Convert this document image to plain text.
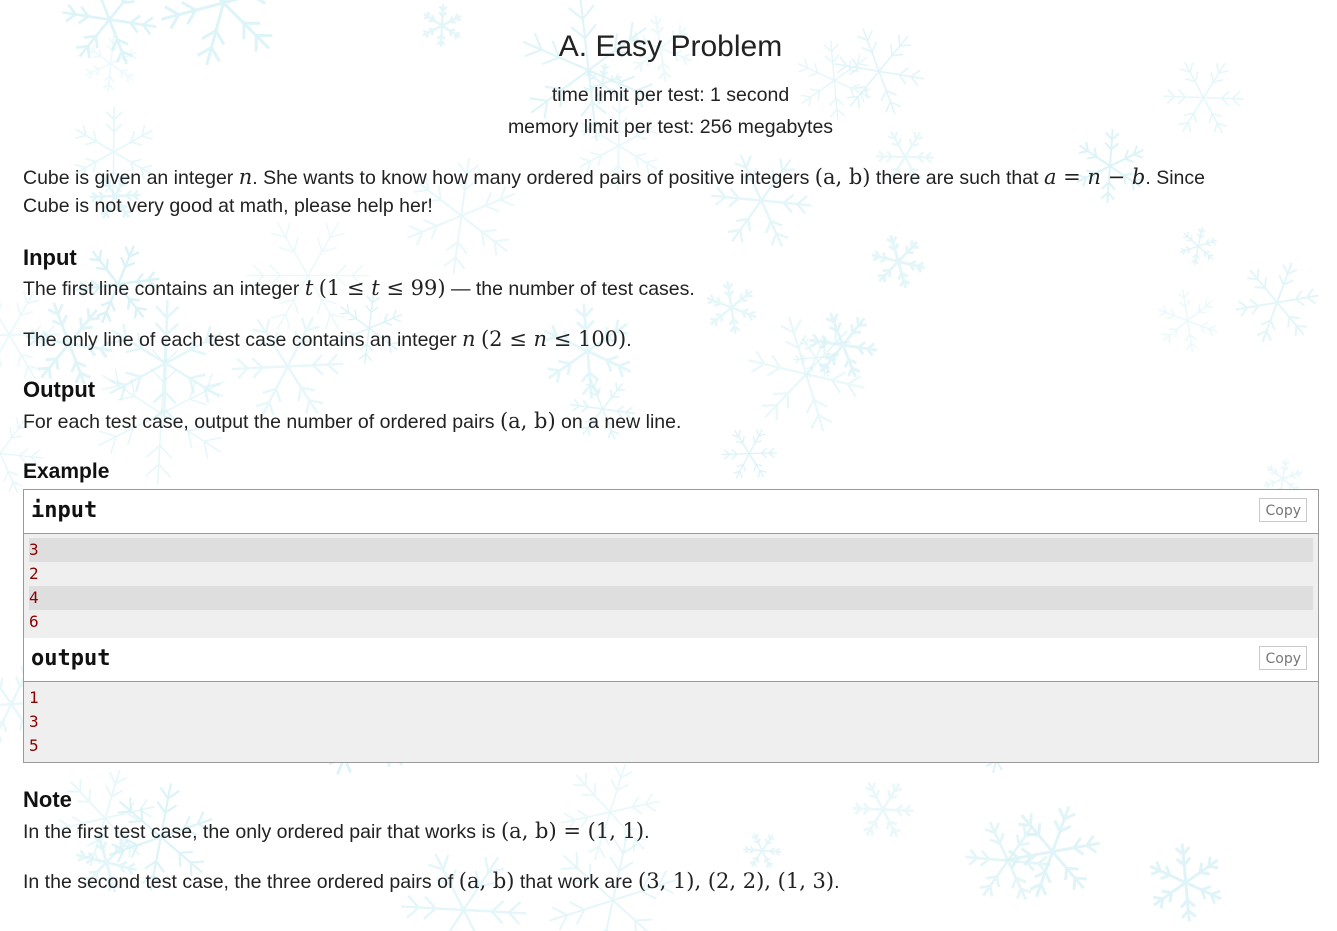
A. Easy Problem
time limit per test: 1 second
memory limit per test: 256 megabytes
Cube is given an integer n. She wants to know how many ordered pairs of positive integers (a, b) there are such that a = n − b. Since
Cube is not very good at math, please help her!
Input
The first line contains an integer t (1 ≤ t ≤ 99) — the number of test cases.
The only line of each test case contains an integer n (2 ≤ n ≤ 100).
Output
For each test case, output the number of ordered pairs (a, b) on a new line.
Example
input	Copy
3
2
4
6
output	Copy
1
3
5
Note
In the first test case, the only ordered pair that works is (a, b) = (1, 1).
In the second test case, the three ordered pairs of (a, b) that work are (3, 1), (2, 2), (1, 3).
